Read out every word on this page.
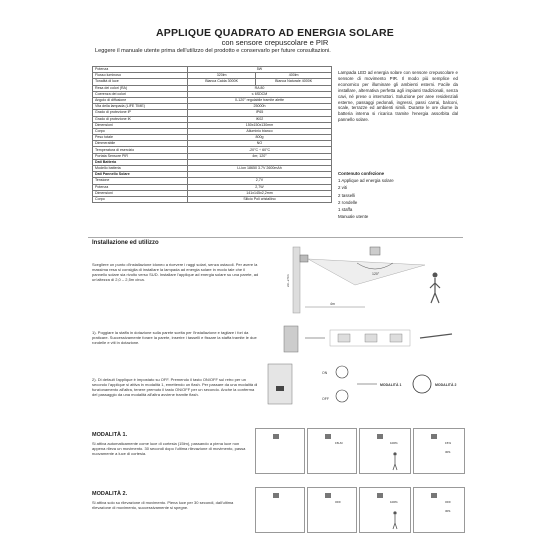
APPLIQUE QUADRATO AD ENERGIA SOLARE
con sensore crepuscolare e PIR
Leggere il manuale utente prima dell'utilizzo del prodotto e conservarlo per future consultazioni.
Potenza	5W	
Flusso luminoso	320lm	400lm
Tonalità di luce	Bianca Calda 3000K	Bianca Naturale 4000K
Resa dei colori (RA)	RA 80	
Coerenza dei colori	≤ 6SDCM	
Angolo di diffusione	0-120° regolabile tramite alette	
Vita della lampada (LIFE TIME)	25000h	
Grado di protezione IP	IP65	
Grado di protezione IK	IK02	
Dimensioni	150x150x130mm	
Corpo	Alluminio bianco	
Peso totale	800g	
Dimmerabile	NO	
Temperatura di esercizio	-20°C ÷ 60°C	
Portata Sensore PIR	4m; 120°	
Dati Batteria		
Modello batteria	Li-ion 18650 3.7V 2600mAh	
Dati Pannello Solare		
Tensione	2,7V	
Potenza	2,7W	
Dimensioni	141x145x2,2mm	
Corpo	Silicio Poli cristallino	
Lampada LED ad energia solare con sensore crepuscolare e sensore di movimento PIR. Il modo più semplice ed economico per illuminare gli ambienti esterni. Facile da installare, alternativa perfetta agli impianti tradizionali, senza cavi, né prese o interruttori. Soluzione per aree residenziali esterne, passaggi pedonali, ingressi, passi carrai, balconi, scale, terrazze ed ambienti simili. Durante le ore diurne la batteria interna si ricarica tramite l'energia assorbita dal pannello solare.
Contenuto confezione
1 Applique ad energia solare
2 viti
2 tasselli
2 rondelle
1 staffa
Manuale utente
Installazione ed utilizzo
Scegliere un punto d'installazione idoneo a ricevere i raggi solari, senza ostacoli. Per avere la massima resa si consiglia di installare la lampada ad energia solare in modo tale che il pannello solare sia rivolto verso SUD. Installare l'applique ad energia solare su una parete, ad un'altezza di 2,0 – 2,5m circa.
120°
4m
2m~2.5m
1). Poggiare la staffa in dotazione sulla parete scelta per l'installazione e tagliare i fori da praticare. Successivamente forare la parete, inserire i tasselli e fissare la staffa tramite le due rondelle e viti in dotazione.
2). Di default l'applique è impostato su OFF. Premendo il tasto ON/OFF sul retro per un secondo l'applique si attiva in modalità 1, emettendo un flash. Per passare da una modalità di funzionamento all'altra, tenere premuto il tasto ON/OFF per un secondo. Anche la conferma del passaggio da una modalità all'altra avviene tramite flash.
ON
OFF
MODALITÀ 1	MODALITÀ 2
MODALITÀ 1.
Si attiva automaticamente come luce di cortesia (15lm), passando a piena luce non appena rileva un movimento. 30 secondi dopo l'ultima rilevazione di movimento, passa nuovamente a luce di cortesia.
15LM	100%	15%
30S
MODALITÀ 2.
Si attiva solo su rilevazione di movimento. Piena luce per 30 secondi, dall'ultima rilevazione di movimento, successivamente si spegne.
OFF	100%	OFF
30S
